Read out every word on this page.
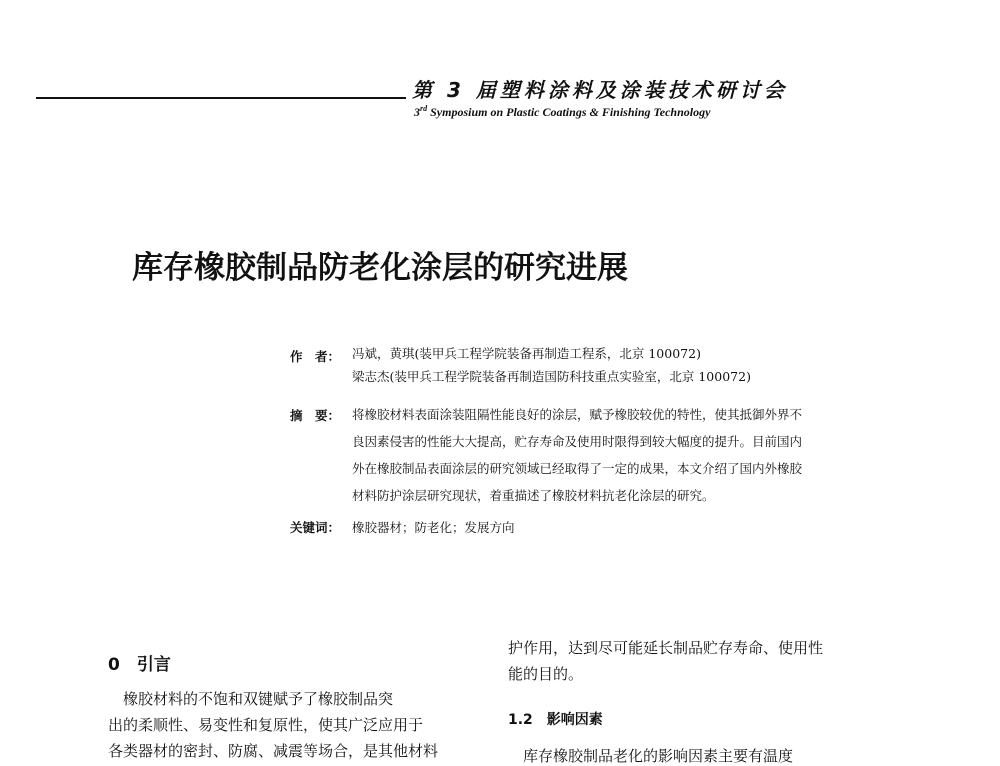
第 3 届塑料涂料及涂装技术研讨会
3rd Symposium on Plastic Coatings & Finishing Technology
库存橡胶制品防老化涂层的研究进展
作　者： 冯斌，黄琪(装甲兵工程学院装备再制造工程系，北京 100072)
梁志杰(装甲兵工程学院装备再制造国防科技重点实验室，北京 100072)
摘　要： 将橡胶材料表面涂装阻隔性能良好的涂层，赋予橡胶较优的特性，使其抵御外界不
良因素侵害的性能大大提高，贮存寿命及使用时限得到较大幅度的提升。目前国内
外在橡胶制品表面涂层的研究领域已经取得了一定的成果，本文介绍了国内外橡胶
材料防护涂层研究现状，着重描述了橡胶材料抗老化涂层的研究。
关键词： 橡胶器材；防老化；发展方向
0　引言
　橡胶材料的不饱和双键赋予了橡胶制品突
出的柔顺性、易变性和复原性，使其广泛应用于
各类器材的密封、防腐、减震等场合，是其他材料
护作用，达到尽可能延长制品贮存寿命、使用性
能的目的。
1.2　影响因素
　库存橡胶制品老化的影响因素主要有温度
